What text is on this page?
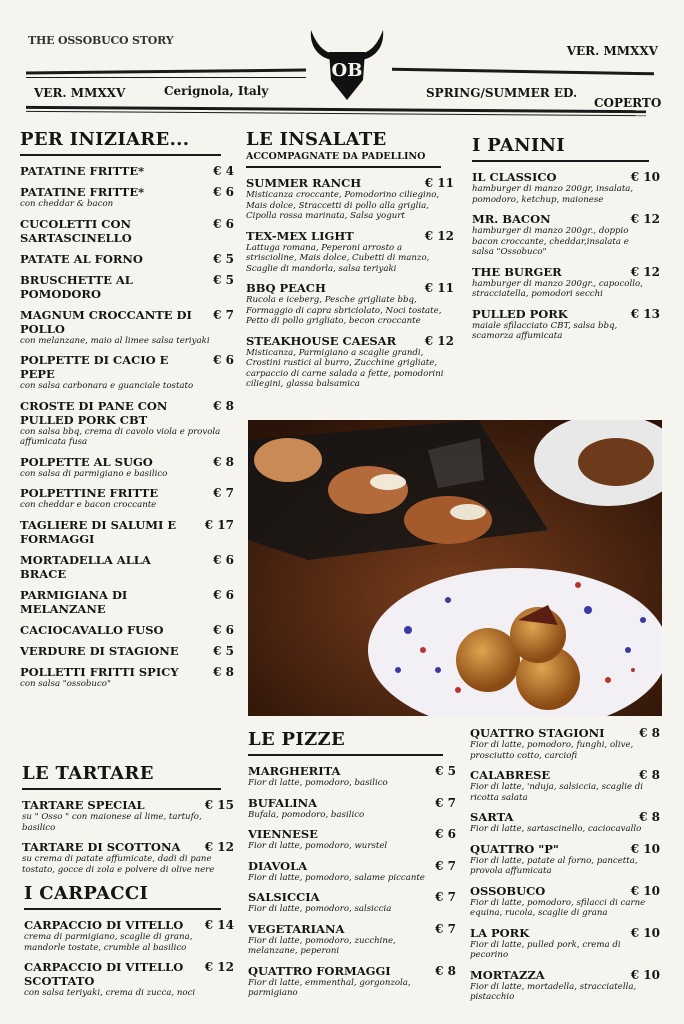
THE OSSOBUCO STORY
VER. MMXXV
OB
VER. MMXXV	Cerignola, Italy	SPRING/SUMMER ED.
COPERTO
PER INIZIARE...
€ 4
PATATINE FRITTE*
€ 6
PATATINE FRITTE*
con cheddar & bacon
€ 6
CUCOLETTI CON SARTASCINELLO
€ 5
PATATE AL FORNO
€ 5
BRUSCHETTE AL POMODORO
€ 7
MAGNUM CROCCANTE DI POLLO
con melanzane, maio al limee salsa teriyaki
€ 6
POLPETTE DI CACIO E PEPE
con salsa carbonara e guanciale tostato
€ 8
CROSTE DI PANE CON PULLED PORK CBT
con salsa bbq, crema di cavolo viola e provola affumicata fusa
€ 8
POLPETTE AL SUGO
con salsa di parmigiano e basilico
€ 7
POLPETTINE FRITTE
con cheddar e bacon croccante
€ 17
TAGLIERE DI SALUMI E FORMAGGI
€ 6
MORTADELLA ALLA BRACE
€ 6
PARMIGIANA DI MELANZANE
€ 6
CACIOCAVALLO FUSO
€ 5
VERDURE DI STAGIONE
€ 8
POLLETTI FRITTI SPICY
con salsa "ossobuco"
LE TARTARE
€ 15
TARTARE SPECIAL
su " Osso " con maionese al lime, tartufo, basilico
€ 12
TARTARE DI SCOTTONA
su crema di patate affumicate, dadi di pane tostato, gocce di zola e polvere di olive nere
I CARPACCI
€ 14
CARPACCIO DI VITELLO
crema di parmigiano, scaglie di grana, mandorle tostate, crumble al basilico
€ 12
CARPACCIO DI VITELLO SCOTTATO
con salsa teriyaki, crema di zucca, noci
LE INSALATE
ACCOMPAGNATE DA PADELLINO
€ 11
SUMMER RANCH
Misticanza croccante, Pomodorino ciliegino, Mais dolce, Straccetti di pollo alla griglia, Cipolla rossa marinata, Salsa yogurt
€ 12
TEX-MEX LIGHT
Lattuga romana, Peperoni arrosto a striscioline, Mais dolce, Cubetti di manzo, Scaglie di mandorla, salsa teriyaki
€ 11
BBQ PEACH
Rucola e iceberg, Pesche grigliate bbq, Formaggio di capra sbriciolato, Noci tostate, Petto di pollo grigliato, becon croccante
€ 12
STEAKHOUSE CAESAR
Misticanza, Parmigiano a scaglie grandi, Crostini rustici al burro, Zucchine grigliate, carpaccio di carne salada a fette, pomodorini ciliegini, glassa balsamica
I PANINI
€ 10
IL CLASSICO
hamburger di manzo 200gr, insalata, pomodoro, ketchup, maionese
€ 12
MR. BACON
hamburger di manzo 200gr., doppio bacon croccante, cheddar,insalata e salsa "Ossobuco"
€ 12
THE BURGER
hamburger di manzo 200gr., capocollo, stracciatella, pomodori secchi
€ 13
PULLED PORK
maiale sfilacciato CBT, salsa bbq, scamorza affumicata
LE PIZZE
€ 5
MARGHERITA
Fior di latte, pomodoro, basilico
€ 7
BUFALINA
Bufala, pomodoro, basilico
€ 6
VIENNESE
Fior di latte, pomodoro, wurstel
€ 7
DIAVOLA
Fior di latte, pomodoro, salame piccante
€ 7
SALSICCIA
Fior di latte, pomodoro, salsiccia
€ 7
VEGETARIANA
Fior di latte, pomodoro, zucchine, melanzane, peperoni
€ 8
QUATTRO FORMAGGI
Fior di latte, emmenthal, gorgonzola, parmigiano
€ 8
QUATTRO STAGIONI
Fior di latte, pomodoro, funghi, olive, prosciutto cotto, carciofi
€ 8
CALABRESE
Fior di latte, 'nduja, salsiccia, scaglie di ricotta salata
€ 8
SARTA
Fior di latte, sartascinello, caciocavallo
€ 10
QUATTRO "P"
Fior di latte, patate al forno, pancetta, provola affumicata
€ 10
OSSOBUCO
Fior di latte, pomodoro, sfilacci di carne equina, rucola, scaglie di grana
€ 10
LA PORK
Fior di latte, pulled pork, crema di pecorino
€ 10
MORTAZZA
Fior di latte, mortadella, stracciatella, pistacchio
